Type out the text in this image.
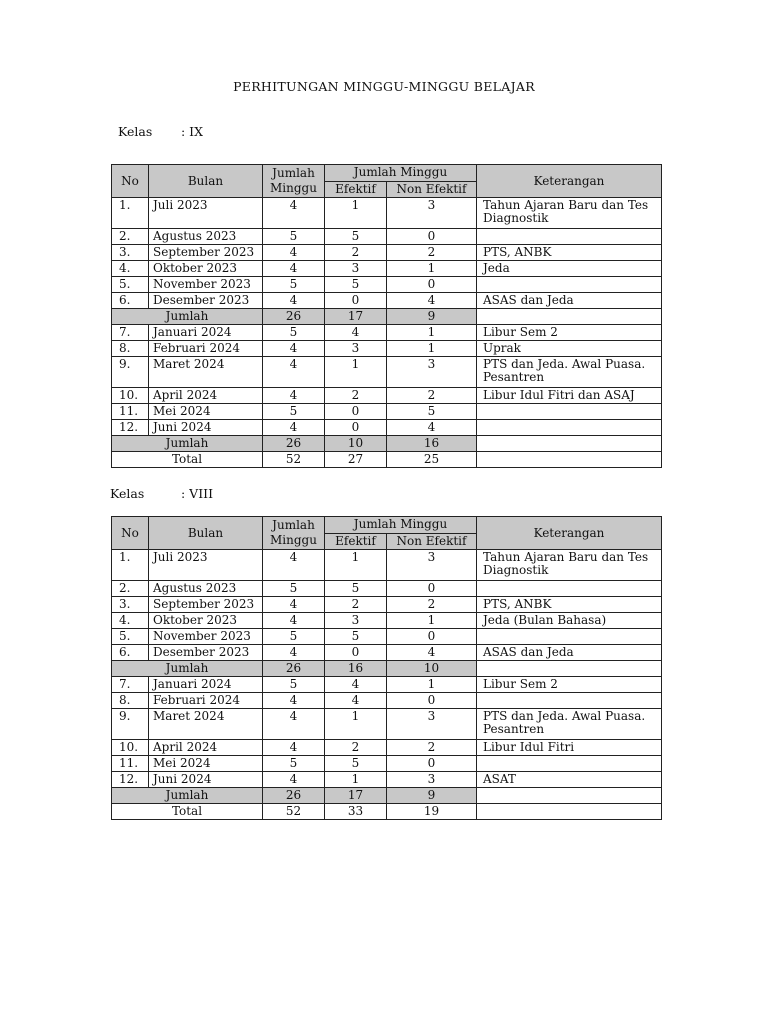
PERHITUNGAN MINGGU-MINGGU BELAJAR
Kelas : IX
No	Bulan	Jumlah Minggu	Jumlah Minggu		Keterangan
			Efektif	Non Efektif	
1.	Juli 2023	4	1	3	Tahun Ajaran Baru dan Tes Diagnostik
2.	Agustus 2023	5	5	0	
3.	September 2023	4	2	2	PTS, ANBK
4.	Oktober 2023	4	3	1	Jeda
5.	November 2023	5	5	0	
6.	Desember 2023	4	0	4	ASAS dan Jeda
Jumlah		26	17	9	
7.	Januari 2024	5	4	1	Libur Sem 2
8.	Februari 2024	4	3	1	Uprak
9.	Maret 2024	4	1	3	PTS dan Jeda. Awal Puasa. Pesantren
10.	April 2024	4	2	2	Libur Idul Fitri dan ASAJ
11.	Mei 2024	5	0	5	
12.	Juni 2024	4	0	4	
Jumlah		26	10	16	
Total		52	27	25	
Kelas	: VIII
No	Bulan	Jumlah Minggu	Jumlah Minggu		Keterangan
			Efektif	Non Efektif	
1.	Juli 2023	4	1	3	Tahun Ajaran Baru dan Tes Diagnostik
2.	Agustus 2023	5	5	0	
3.	September 2023	4	2	2	PTS, ANBK
4.	Oktober 2023	4	3	1	Jeda (Bulan Bahasa)
5.	November 2023	5	5	0	
6.	Desember 2023	4	0	4	ASAS dan Jeda
Jumlah		26	16	10	
7.	Januari 2024	5	4	1	Libur Sem 2
8.	Februari 2024	4	4	0	
9.	Maret 2024	4	1	3	PTS dan Jeda. Awal Puasa. Pesantren
10.	April 2024	4	2	2	Libur Idul Fitri
11.	Mei 2024	5	5	0	
12.	Juni 2024	4	1	3	ASAT
Jumlah		26	17	9	
Total		52	33	19	
